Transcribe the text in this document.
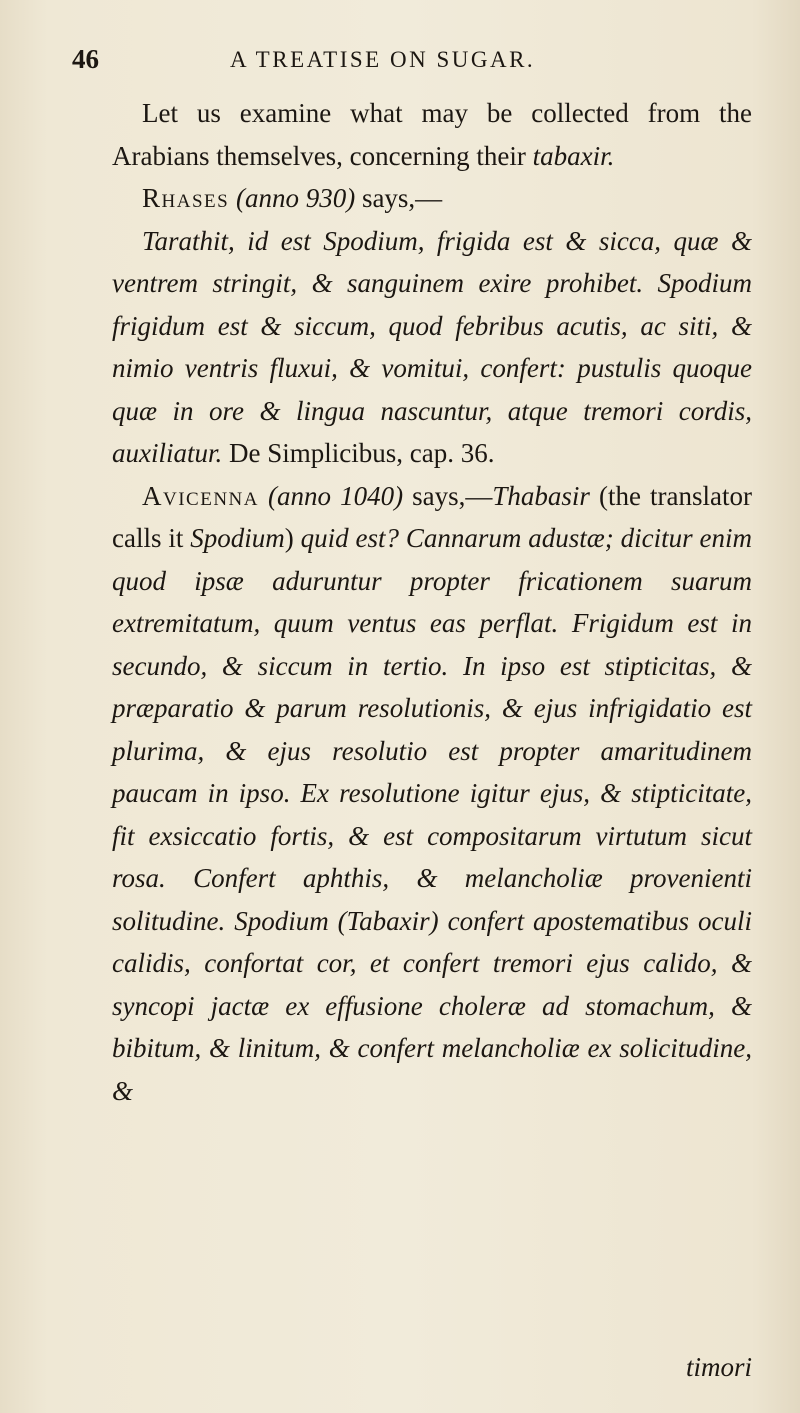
46	A TREATISE ON SUGAR.

Let us examine what may be collected from the Arabians themselves, concerning their tabaxir.

Rhases (anno 930) says,—

Tarathit, id est Spodium, frigida est & sicca, quæ & ventrem stringit, & sanguinem exire prohibet. Spodium frigidum est & siccum, quod febribus acutis, ac siti, & nimio ventris fluxui, & vomitui, confert: pustulis quoque quæ in ore & lingua nascuntur, atque tremori cordis, auxiliatur. De Simplicibus, cap. 36.

Avicenna (anno 1040) says,—Thabasir (the translator calls it Spodium) quid est? Cannarum adustæ; dicitur enim quod ipsæ aduruntur propter fricationem suarum extremitatum, quum ventus eas perflat. Frigidum est in secundo, & siccum in tertio. In ipso est stipticitas, & præparatio & parum resolutionis, & ejus infrigidatio est plurima, & ejus resolutio est propter amaritudinem paucam in ipso. Ex resolutione igitur ejus, & stipticitate, fit exsiccatio fortis, & est compositarum virtutum sicut rosa. Confert aphthis, & melancholiæ provenienti solitudine. Spodium (Tabaxir) confert apostematibus oculi calidis, confortat cor, et confert tremori ejus calido, & syncopi jactæ ex effusione choleræ ad stomachum, & bibitum, & linitum, & confert melancholiæ ex solicitudine, &

timori
